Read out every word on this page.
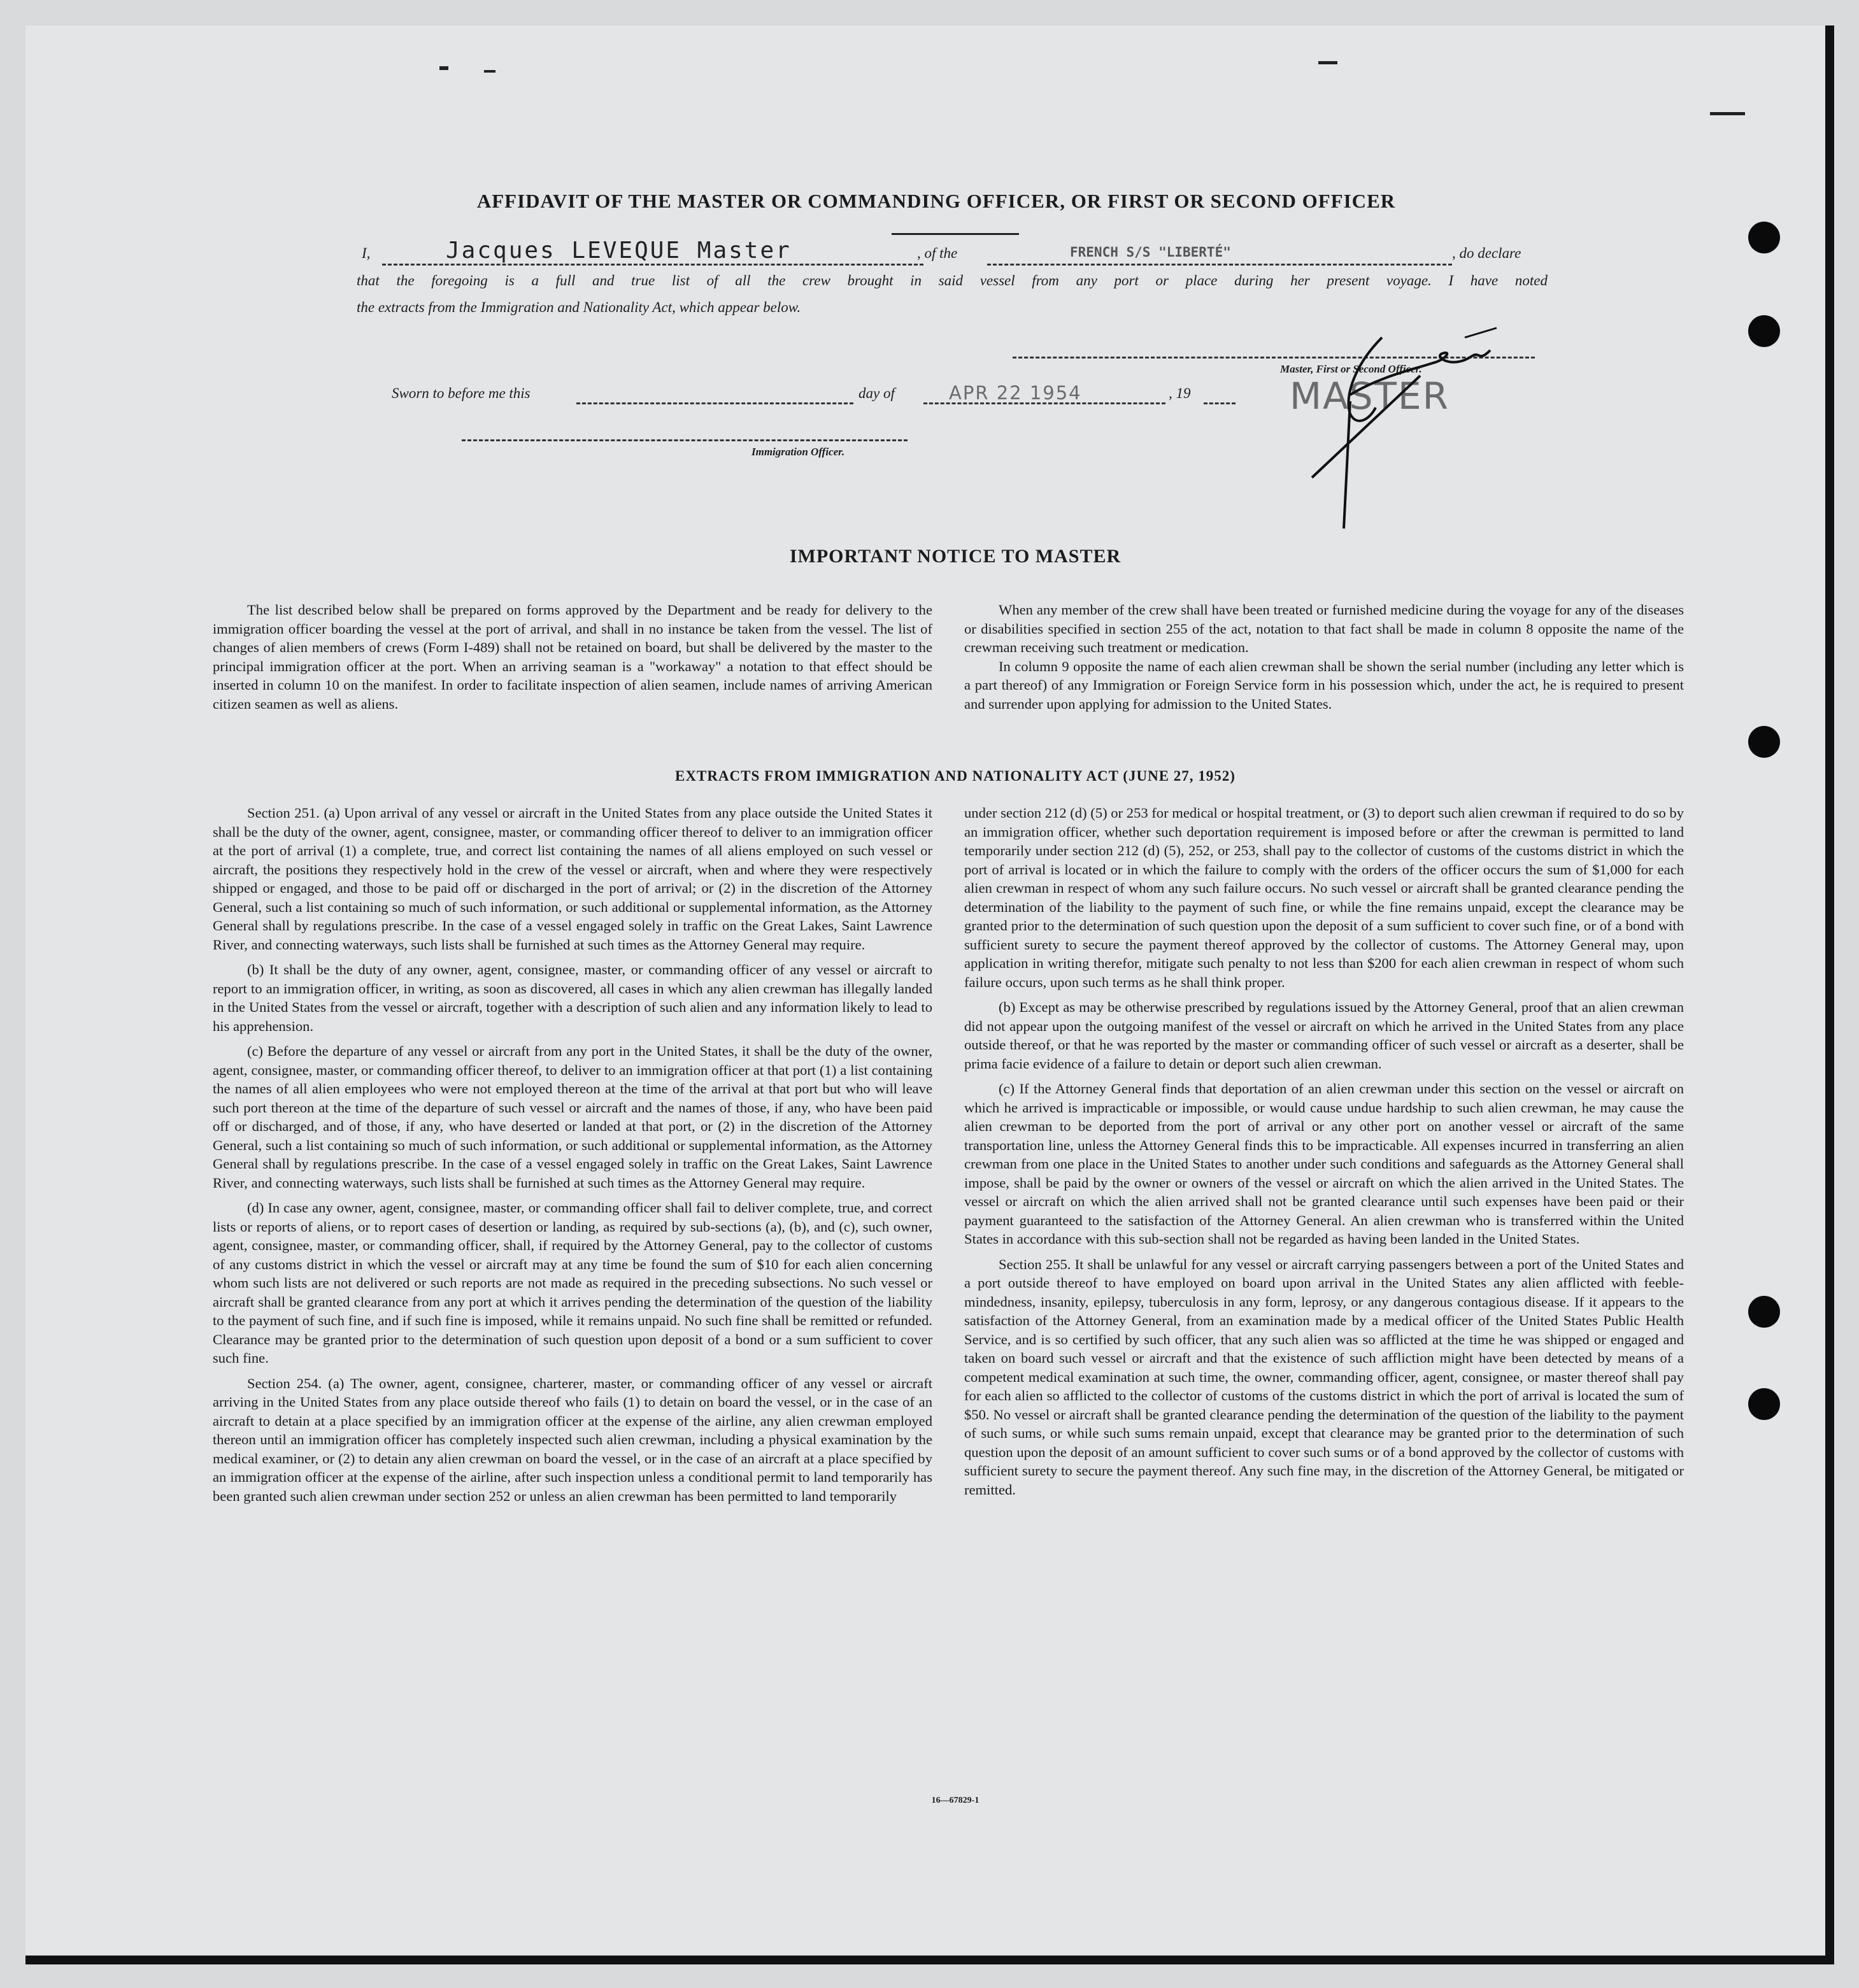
AFFIDAVIT OF THE MASTER OR COMMANDING OFFICER, OR FIRST OR SECOND OFFICER
I,	Jacques LEVEQUE Master	, of the	FRENCH S/S "LIBERTÉ"	, do declare
that the foregoing is a full and true list of all the crew brought in said vessel from any port or place during her present voyage. I have noted
the extracts from the Immigration and Nationality Act, which appear below.
Master, First or Second Officer.
MASTER
Sworn to before me this	day of	APR 22 1954	, 19
Immigration Officer.
IMPORTANT NOTICE TO MASTER

The list described below shall be prepared on forms approved by the Department and be ready for delivery to the immigration officer boarding the vessel at the port of arrival, and shall in no instance be taken from the vessel. The list of changes of alien members of crews (Form I-489) shall not be retained on board, but shall be delivered by the master to the principal immigration officer at the port. When an arriving seaman is a "workaway" a notation to that effect should be inserted in column 10 on the manifest. In order to facilitate inspection of alien seamen, include names of arriving American citizen seamen as well as aliens.

When any member of the crew shall have been treated or furnished medicine during the voyage for any of the diseases or disabilities specified in section 255 of the act, notation to that fact shall be made in column 8 opposite the name of the crewman receiving such treatment or medication.

In column 9 opposite the name of each alien crewman shall be shown the serial number (including any letter which is a part thereof) of any Immigration or Foreign Service form in his possession which, under the act, he is required to present and surrender upon applying for admission to the United States.

EXTRACTS FROM IMMIGRATION AND NATIONALITY ACT (JUNE 27, 1952)

Section 251. (a) Upon arrival of any vessel or aircraft in the United States from any place outside the United States it shall be the duty of the owner, agent, consignee, master, or commanding officer thereof to deliver to an immigration officer at the port of arrival (1) a complete, true, and correct list containing the names of all aliens employed on such vessel or aircraft, the positions they respectively hold in the crew of the vessel or aircraft, when and where they were respectively shipped or engaged, and those to be paid off or discharged in the port of arrival; or (2) in the discretion of the Attorney General, such a list containing so much of such information, or such additional or supplemental information, as the Attorney General shall by regulations prescribe. In the case of a vessel engaged solely in traffic on the Great Lakes, Saint Lawrence River, and connecting waterways, such lists shall be furnished at such times as the Attorney General may require.

(b) It shall be the duty of any owner, agent, consignee, master, or commanding officer of any vessel or aircraft to report to an immigration officer, in writing, as soon as discovered, all cases in which any alien crewman has illegally landed in the United States from the vessel or aircraft, together with a description of such alien and any information likely to lead to his apprehension.

(c) Before the departure of any vessel or aircraft from any port in the United States, it shall be the duty of the owner, agent, consignee, master, or commanding officer thereof, to deliver to an immigration officer at that port (1) a list containing the names of all alien employees who were not employed thereon at the time of the arrival at that port but who will leave such port thereon at the time of the departure of such vessel or aircraft and the names of those, if any, who have been paid off or discharged, and of those, if any, who have deserted or landed at that port, or (2) in the discretion of the Attorney General, such a list containing so much of such information, or such additional or supplemental information, as the Attorney General shall by regulations prescribe. In the case of a vessel engaged solely in traffic on the Great Lakes, Saint Lawrence River, and connecting waterways, such lists shall be furnished at such times as the Attorney General may require.

(d) In case any owner, agent, consignee, master, or commanding officer shall fail to deliver complete, true, and correct lists or reports of aliens, or to report cases of desertion or landing, as required by sub-sections (a), (b), and (c), such owner, agent, consignee, master, or commanding officer, shall, if required by the Attorney General, pay to the collector of customs of any customs district in which the vessel or aircraft may at any time be found the sum of $10 for each alien concerning whom such lists are not delivered or such reports are not made as required in the preceding subsections. No such vessel or aircraft shall be granted clearance from any port at which it arrives pending the determination of the question of the liability to the payment of such fine, and if such fine is imposed, while it remains unpaid. No such fine shall be remitted or refunded. Clearance may be granted prior to the determination of such question upon deposit of a bond or a sum sufficient to cover such fine.

Section 254. (a) The owner, agent, consignee, charterer, master, or commanding officer of any vessel or aircraft arriving in the United States from any place outside thereof who fails (1) to detain on board the vessel, or in the case of an aircraft to detain at a place specified by an immigration officer at the expense of the airline, any alien crewman employed thereon until an immigration officer has completely inspected such alien crewman, including a physical examination by the medical examiner, or (2) to detain any alien crewman on board the vessel, or in the case of an aircraft at a place specified by an immigration officer at the expense of the airline, after such inspection unless a conditional permit to land temporarily has been granted such alien crewman under section 252 or unless an alien crewman has been permitted to land temporarily

under section 212 (d) (5) or 253 for medical or hospital treatment, or (3) to deport such alien crewman if required to do so by an immigration officer, whether such deportation requirement is imposed before or after the crewman is permitted to land temporarily under section 212 (d) (5), 252, or 253, shall pay to the collector of customs of the customs district in which the port of arrival is located or in which the failure to comply with the orders of the officer occurs the sum of $1,000 for each alien crewman in respect of whom any such failure occurs. No such vessel or aircraft shall be granted clearance pending the determination of the liability to the payment of such fine, or while the fine remains unpaid, except the clearance may be granted prior to the determination of such question upon the deposit of a sum sufficient to cover such fine, or of a bond with sufficient surety to secure the payment thereof approved by the collector of customs. The Attorney General may, upon application in writing therefor, mitigate such penalty to not less than $200 for each alien crewman in respect of whom such failure occurs, upon such terms as he shall think proper.

(b) Except as may be otherwise prescribed by regulations issued by the Attorney General, proof that an alien crewman did not appear upon the outgoing manifest of the vessel or aircraft on which he arrived in the United States from any place outside thereof, or that he was reported by the master or commanding officer of such vessel or aircraft as a deserter, shall be prima facie evidence of a failure to detain or deport such alien crewman.

(c) If the Attorney General finds that deportation of an alien crewman under this section on the vessel or aircraft on which he arrived is impracticable or impossible, or would cause undue hardship to such alien crewman, he may cause the alien crewman to be deported from the port of arrival or any other port on another vessel or aircraft of the same transportation line, unless the Attorney General finds this to be impracticable. All expenses incurred in transferring an alien crewman from one place in the United States to another under such conditions and safeguards as the Attorney General shall impose, shall be paid by the owner or owners of the vessel or aircraft on which the alien arrived in the United States. The vessel or aircraft on which the alien arrived shall not be granted clearance until such expenses have been paid or their payment guaranteed to the satisfaction of the Attorney General. An alien crewman who is transferred within the United States in accordance with this sub-section shall not be regarded as having been landed in the United States.

Section 255. It shall be unlawful for any vessel or aircraft carrying passengers between a port of the United States and a port outside thereof to have employed on board upon arrival in the United States any alien afflicted with feeble-mindedness, insanity, epilepsy, tuberculosis in any form, leprosy, or any dangerous contagious disease. If it appears to the satisfaction of the Attorney General, from an examination made by a medical officer of the United States Public Health Service, and is so certified by such officer, that any such alien was so afflicted at the time he was shipped or engaged and taken on board such vessel or aircraft and that the existence of such affliction might have been detected by means of a competent medical examination at such time, the owner, commanding officer, agent, consignee, or master thereof shall pay for each alien so afflicted to the collector of customs of the customs district in which the port of arrival is located the sum of $50. No vessel or aircraft shall be granted clearance pending the determination of the question of the liability to the payment of such sums, or while such sums remain unpaid, except that clearance may be granted prior to the determination of such question upon the deposit of an amount sufficient to cover such sums or of a bond approved by the collector of customs with sufficient surety to secure the payment thereof. Any such fine may, in the discretion of the Attorney General, be mitigated or remitted.

16—67829-1
